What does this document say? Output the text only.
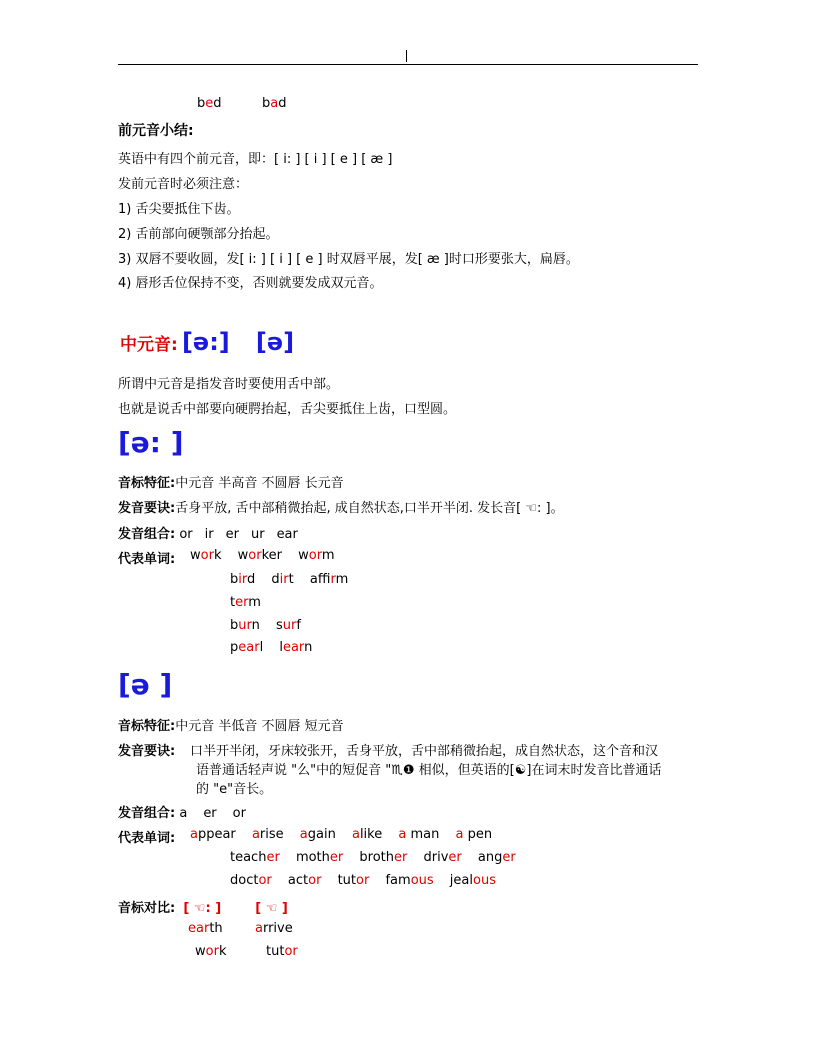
bed	bad
前元音小结:
英语中有四个前元音，即：[ i: ] [ i ] [ e ] [ æ ]
发前元音时必须注意：
1) 舌尖要抵住下齿。
2) 舌前部向硬颚部分抬起。
3) 双唇不要收圆，发[ i: ] [ i ] [ e ] 时双唇平展，发[ æ ]时口形要张大，扁唇。
4) 唇形舌位保持不变，否则就要发成双元音。
中元音: [ə:] [ə]
所谓中元音是指发音时要使用舌中部。
也就是说舌中部要向硬腭抬起，舌尖要抵住上齿，口型圆。
[ə: ]
音标特征:中元音 半高音 不圆唇 长元音
发音要诀:舌身平放, 舌中部稍微抬起, 成自然状态,口半开半闭. 发长音[ ☜: ]。
发音组合: or ir er ur ear
代表单词: work worker worm
bird dirt affirm
term
burn surf
pearl learn
[ə ]
音标特征:中元音 半低音 不圆唇 短元音
发音要诀: 口半开半闭，牙床较张开，舌身平放，舌中部稍微抬起，成自然状态，这个音和汉
语普通话轻声说 "么"中的短促音 "♏❶ 相似，但英语的[☯]在词末时发音比普通话
的 "e"音长。
发音组合: a er or
代表单词: appear arise again alike a man a pen
teacher mother brother driver anger
doctor actor tutor famous jealous
音标对比: [ ☜: ]	[ ☜ ]
earth arrive
work	tutor
